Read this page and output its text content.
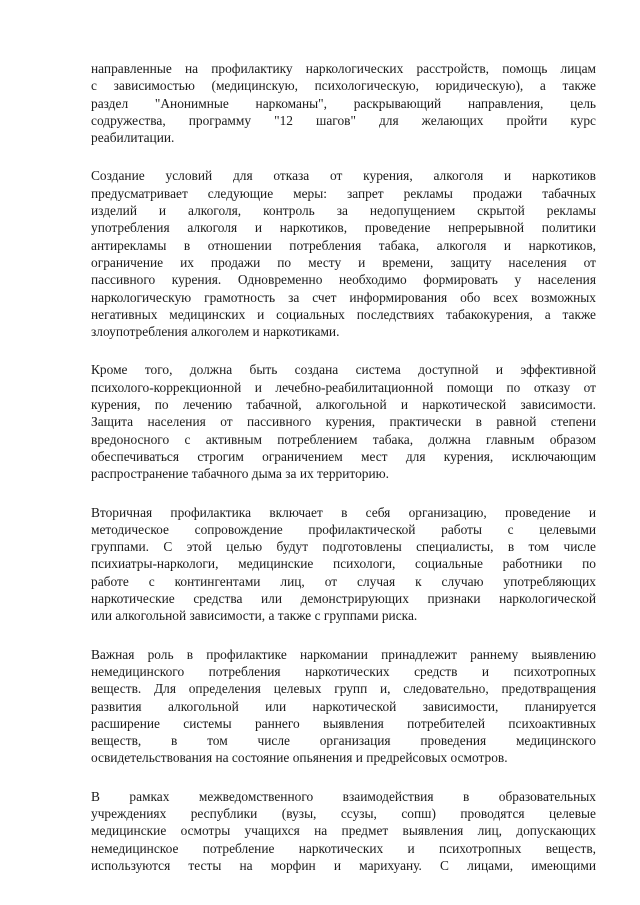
направленные на профилактику наркологических расстройств, помощь лицам
с зависимостью (медицинскую, психологическую, юридическую), а также
раздел "Анонимные наркоманы", раскрывающий направления, цель
содружества, программу "12 шагов" для желающих пройти курс
реабилитации.
Создание условий для отказа от курения, алкоголя и наркотиков
предусматривает следующие меры: запрет рекламы продажи табачных
изделий и алкоголя, контроль за недопущением скрытой рекламы
употребления алкоголя и наркотиков, проведение непрерывной политики
антирекламы в отношении потребления табака, алкоголя и наркотиков,
ограничение их продажи по месту и времени, защиту населения от
пассивного курения. Одновременно необходимо формировать у населения
наркологическую грамотность за счет информирования обо всех возможных
негативных медицинских и социальных последствиях табакокурения, а также
злоупотребления алкоголем и наркотиками.
Кроме того, должна быть создана система доступной и эффективной
психолого-коррекционной и лечебно-реабилитационной помощи по отказу от
курения, по лечению табачной, алкогольной и наркотической зависимости.
Защита населения от пассивного курения, практически в равной степени
вредоносного с активным потреблением табака, должна главным образом
обеспечиваться строгим ограничением мест для курения, исключающим
распространение табачного дыма за их территорию.
Вторичная профилактика включает в себя организацию, проведение и
методическое сопровождение профилактической работы с целевыми
группами. С этой целью будут подготовлены специалисты, в том числе
психиатры-наркологи, медицинские психологи, социальные работники по
работе с контингентами лиц, от случая к случаю употребляющих
наркотические средства или демонстрирующих признаки наркологической
или алкогольной зависимости, а также с группами риска.
Важная роль в профилактике наркомании принадлежит раннему выявлению
немедицинского потребления наркотических средств и психотропных
веществ. Для определения целевых групп и, следовательно, предотвращения
развития алкогольной или наркотической зависимости, планируется
расширение системы раннего выявления потребителей психоактивных
веществ, в том числе организация проведения медицинского
освидетельствования на состояние опьянения и предрейсовых осмотров.
В рамках межведомственного взаимодействия в образовательных
учреждениях республики (вузы, ссузы, сопш) проводятся целевые
медицинские осмотры учащихся на предмет выявления лиц, допускающих
немедицинское потребление наркотических и психотропных веществ,
используются тесты на морфин и марихуану. С лицами, имеющими
